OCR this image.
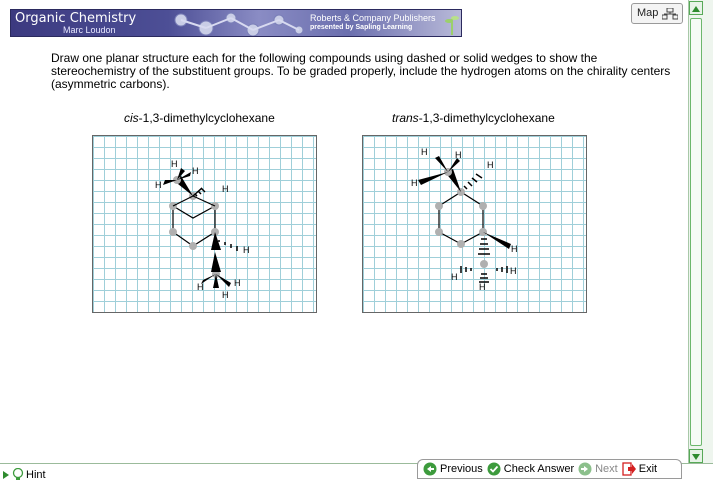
Organic Chemistry
Marc Loudon
Roberts & Company Publishers
presented by Sapling Learning
Map
Draw one planar structure each for the following compounds using dashed or solid wedges to show the stereochemistry of the substituent groups. To be graded properly, include the hydrogen atoms on the chirality centers (asymmetric carbons).
cis-1,3-dimethylcyclohexane	trans-1,3-dimethylcyclohexane
H
H
H	H
H
H	H
H
H	H
H
H
H
H
H
H
Hint	Previous Check Answer Next Exit
